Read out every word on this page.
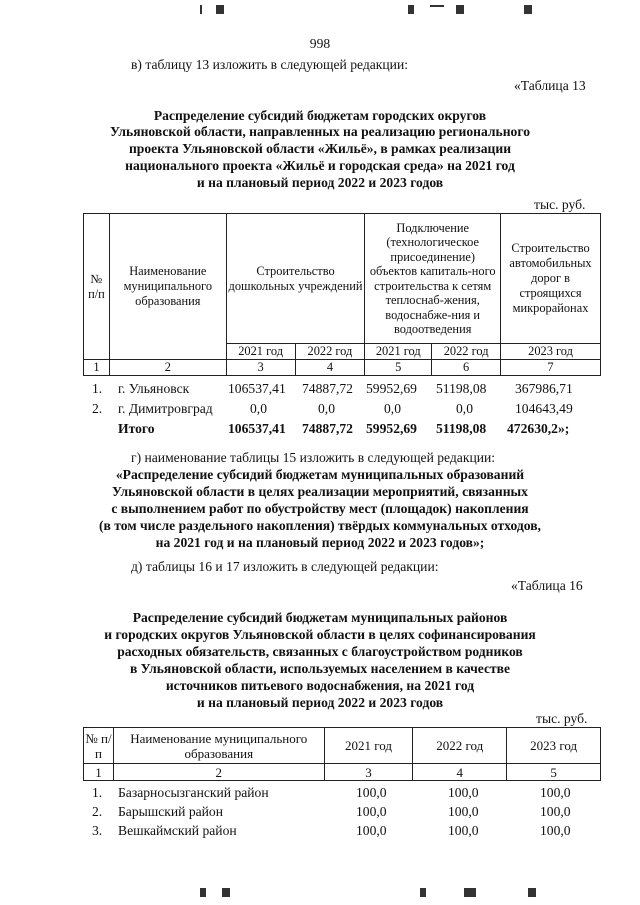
998
в) таблицу 13 изложить в следующей редакции:
«Таблица 13
Распределение субсидий бюджетам городских округов
Ульяновской области, направленных на реализацию регионального
проекта Ульяновской области «Жильё», в рамках реализации
национального проекта «Жильё и городская среда» на 2021 год
и на плановый период 2022 и 2023 годов
тыс. руб.
№ п/п	Наименование муниципального образования	Строительство дошкольных учреждений		Подключение (технологическое присоединение) объектов капиталь-ного строительства к сетям теплоснаб-жения, водоснабже-ния и водоотведения		Строительство автомобильных дорог в строящихся микрорайонах
		2021 год	2022 год	2021 год	2022 год	2023 год
1	2	3	4	5	6	7
1. г. Ульяновск	106537,41 74887,72 59952,69 51198,08 367986,71
2. г. Димитровград	0,0	0,0	0,0	0,0	104643,49
Итого	106537,41 74887,72 59952,69 51198,08 472630,2»;
г) наименование таблицы 15 изложить в следующей редакции:
«Распределение субсидий бюджетам муниципальных образований
Ульяновской области в целях реализации мероприятий, связанных
с выполнением работ по обустройству мест (площадок) накопления
(в том числе раздельного накопления) твёрдых коммунальных отходов,
на 2021 год и на плановый период 2022 и 2023 годов»;
д) таблицы 16 и 17 изложить в следующей редакции:
«Таблица 16
Распределение субсидий бюджетам муниципальных районов
и городских округов Ульяновской области в целях софинансирования
расходных обязательств, связанных с благоустройством родников
в Ульяновской области, используемых населением в качестве
источников питьевого водоснабжения, на 2021 год
и на плановый период 2022 и 2023 годов
тыс. руб.
№ п/п	Наименование муниципального образования	2021 год	2022 год	2023 год
1	2	3	4	5
1. Базарносызганский район	100,0	100,0	100,0
2. Барышский район	100,0	100,0	100,0
3. Вешкаймский район	100,0	100,0	100,0
